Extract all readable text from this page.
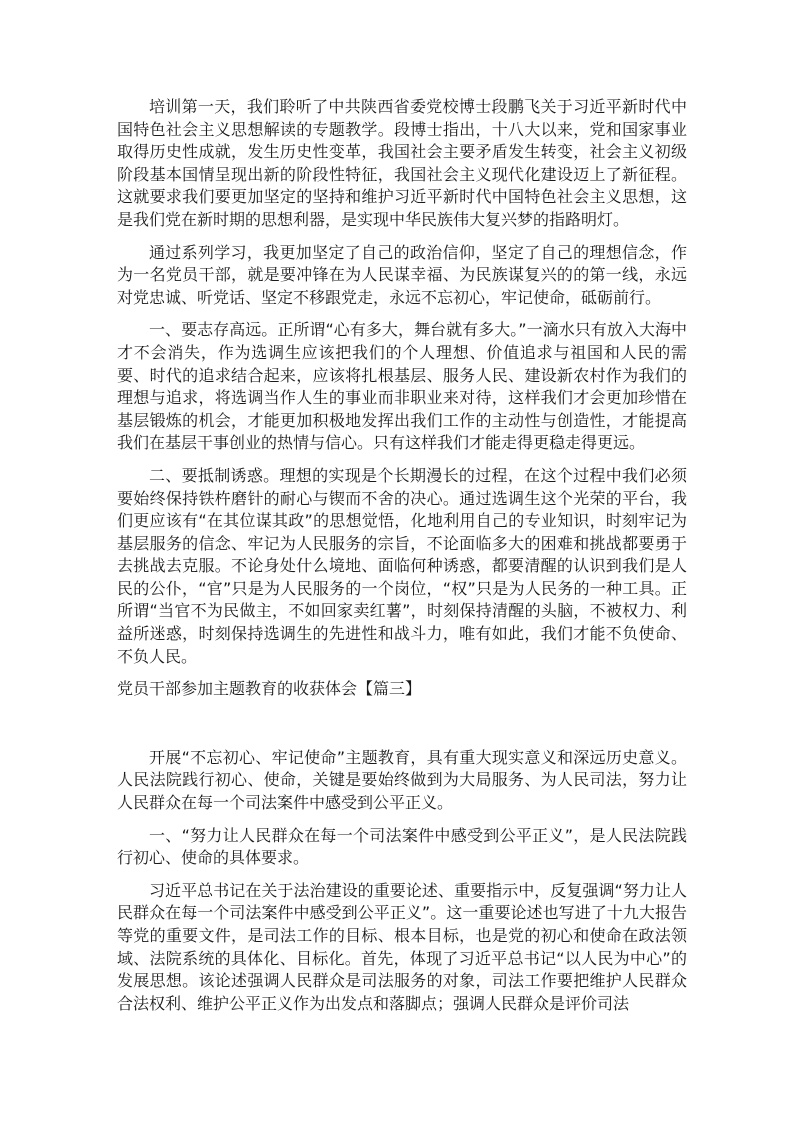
培训第一天，我们聆听了中共陕西省委党校博士段鹏飞关于习近平新时代中国特色社会主义思想解读的专题教学。段博士指出，十八大以来，党和国家事业取得历史性成就，发生历史性变革，我国社会主要矛盾发生转变，社会主义初级阶段基本国情呈现出新的阶段性特征，我国社会主义现代化建设迈上了新征程。这就要求我们要更加坚定的坚持和维护习近平新时代中国特色社会主义思想，这是我们党在新时期的思想利器，是实现中华民族伟大复兴梦的指路明灯。

通过系列学习，我更加坚定了自己的政治信仰，坚定了自己的理想信念，作为一名党员干部，就是要冲锋在为人民谋幸福、为民族谋复兴的的第一线，永远对党忠诚、听党话、坚定不移跟党走，永远不忘初心，牢记使命，砥砺前行。

一、要志存高远。正所谓“心有多大，舞台就有多大。”一滴水只有放入大海中才不会消失，作为选调生应该把我们的个人理想、价值追求与祖国和人民的需要、时代的追求结合起来，应该将扎根基层、服务人民、建设新农村作为我们的理想与追求，将选调当作人生的事业而非职业来对待，这样我们才会更加珍惜在基层锻炼的机会，才能更加积极地发挥出我们工作的主动性与创造性，才能提高我们在基层干事创业的热情与信心。只有这样我们才能走得更稳走得更远。

二、要抵制诱惑。理想的实现是个长期漫长的过程，在这个过程中我们必须要始终保持铁杵磨针的耐心与锲而不舍的决心。通过选调生这个光荣的平台，我们更应该有“在其位谋其政”的思想觉悟，化地利用自己的专业知识，时刻牢记为基层服务的信念、牢记为人民服务的宗旨，不论面临多大的困难和挑战都要勇于去挑战去克服。不论身处什么境地、面临何种诱惑，都要清醒的认识到我们是人民的公仆，“官”只是为人民服务的一个岗位，“权”只是为人民务的一种工具。正所谓“当官不为民做主，不如回家卖红薯”，时刻保持清醒的头脑，不被权力、利益所迷惑，时刻保持选调生的先进性和战斗力，唯有如此，我们才能不负使命、不负人民。

党员干部参加主题教育的收获体会【篇三】

开展“不忘初心、牢记使命”主题教育，具有重大现实意义和深远历史意义。人民法院践行初心、使命，关键是要始终做到为大局服务、为人民司法，努力让人民群众在每一个司法案件中感受到公平正义。

一、“努力让人民群众在每一个司法案件中感受到公平正义”，是人民法院践行初心、使命的具体要求。

习近平总书记在关于法治建设的重要论述、重要指示中，反复强调“努力让人民群众在每一个司法案件中感受到公平正义”。这一重要论述也写进了十九大报告等党的重要文件，是司法工作的目标、根本目标，也是党的初心和使命在政法领域、法院系统的具体化、目标化。首先，体现了习近平总书记“以人民为中心”的发展思想。该论述强调人民群众是司法服务的对象，司法工作要把维护人民群众合法权利、维护公平正义作为出发点和落脚点；强调人民群众是评价司法
